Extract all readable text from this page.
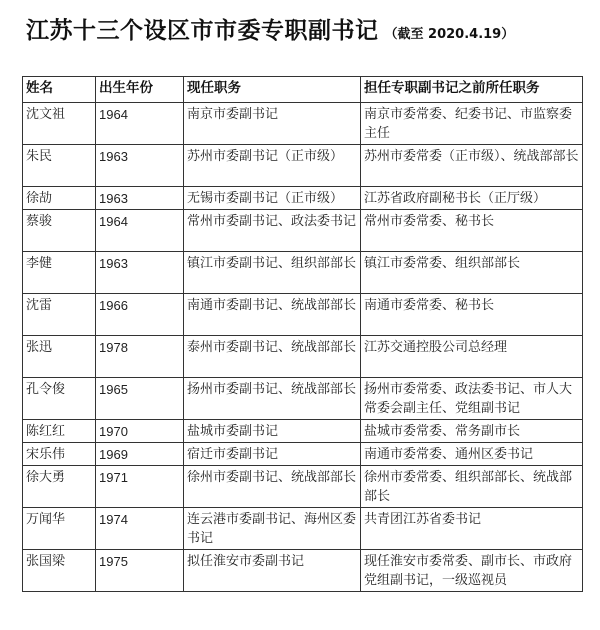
江苏十三个设区市市委专职副书记 （截至 2020.4.19）
姓名	出生年份	现任职务	担任专职副书记之前所任职务
沈文祖	1964	南京市委副书记	南京市委常委、纪委书记、市监察委主任
朱民	1963	苏州市委副书记（正市级）	苏州市委常委（正市级）、统战部部长
徐劼	1963	无锡市委副书记（正市级）	江苏省政府副秘书长（正厅级）
蔡骏	1964	常州市委副书记、政法委书记	常州市委常委、秘书长
李健	1963	镇江市委副书记、组织部部长	镇江市委常委、组织部部长
沈雷	1966	南通市委副书记、统战部部长	南通市委常委、秘书长
张迅	1978	泰州市委副书记、统战部部长	江苏交通控股公司总经理
孔令俊	1965	扬州市委副书记、统战部部长	扬州市委常委、政法委书记、市人大常委会副主任、党组副书记
陈红红	1970	盐城市委副书记	盐城市委常委、常务副市长
宋乐伟	1969	宿迁市委副书记	南通市委常委、通州区委书记
徐大勇	1971	徐州市委副书记、统战部部长	徐州市委常委、组织部部长、统战部部长
万闻华	1974	连云港市委副书记、海州区委书记	共青团江苏省委书记
张国梁	1975	拟任淮安市委副书记	现任淮安市委常委、副市长、市政府党组副书记，一级巡视员
